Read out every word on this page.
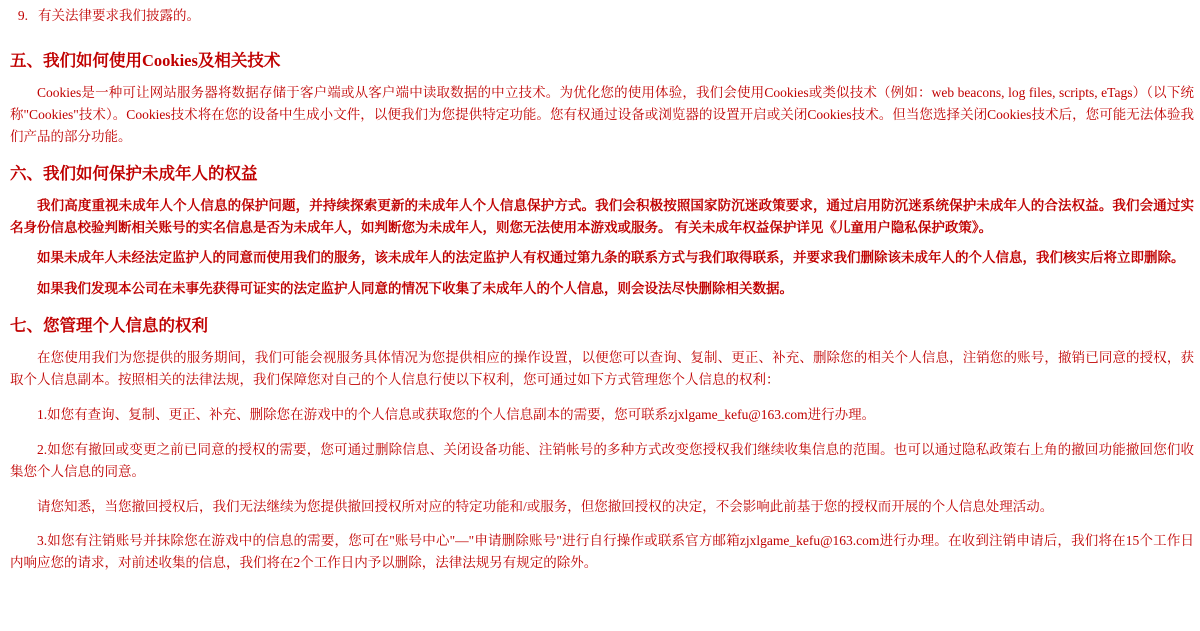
9. 有关法律要求我们披露的。
五、我们如何使用Cookies及相关技术

Cookies是一种可让网站服务器将数据存储于客户端或从客户端中读取数据的中立技术。为优化您的使用体验，我们会使用Cookies或类似技术（例如：web beacons, log files, scripts, eTags）（以下统称"Cookies"技术）。Cookies技术将在您的设备中生成小文件，以便我们为您提供特定功能。您有权通过设备或浏览器的设置开启或关闭Cookies技术。但当您选择关闭Cookies技术后，您可能无法体验我们产品的部分功能。

六、我们如何保护未成年人的权益

我们高度重视未成年人个人信息的保护问题，并持续探索更新的未成年人个人信息保护方式。我们会积极按照国家防沉迷政策要求，通过启用防沉迷系统保护未成年人的合法权益。我们会通过实名身份信息校验判断相关账号的实名信息是否为未成年人，如判断您为未成年人，则您无法使用本游戏或服务。 有关未成年权益保护详见《儿童用户隐私保护政策》。

如果未成年人未经法定监护人的同意而使用我们的服务，该未成年人的法定监护人有权通过第九条的联系方式与我们取得联系，并要求我们删除该未成年人的个人信息，我们核实后将立即删除。

如果我们发现本公司在未事先获得可证实的法定监护人同意的情况下收集了未成年人的个人信息，则会设法尽快删除相关数据。

七、您管理个人信息的权利

在您使用我们为您提供的服务期间，我们可能会视服务具体情况为您提供相应的操作设置，以便您可以查询、复制、更正、补充、删除您的相关个人信息，注销您的账号，撤销已同意的授权，获取个人信息副本。按照相关的法律法规，我们保障您对自己的个人信息行使以下权利，您可通过如下方式管理您个人信息的权利：

1.如您有查询、复制、更正、补充、删除您在游戏中的个人信息或获取您的个人信息副本的需要，您可联系zjxlgame_kefu@163.com进行办理。

2.如您有撤回或变更之前已同意的授权的需要，您可通过删除信息、关闭设备功能、注销帐号的多种方式改变您授权我们继续收集信息的范围。也可以通过隐私政策右上角的撤回功能撤回您们收集您个人信息的同意。

请您知悉，当您撤回授权后，我们无法继续为您提供撤回授权所对应的特定功能和/或服务，但您撤回授权的决定，不会影响此前基于您的授权而开展的个人信息处理活动。

3.如您有注销账号并抹除您在游戏中的信息的需要，您可在"账号中心"—"申请删除账号"进行自行操作或联系官方邮箱zjxlgame_kefu@163.com进行办理。在收到注销申请后，我们将在15个工作日内响应您的请求，对前述收集的信息，我们将在2个工作日内予以删除，法律法规另有规定的除外。
